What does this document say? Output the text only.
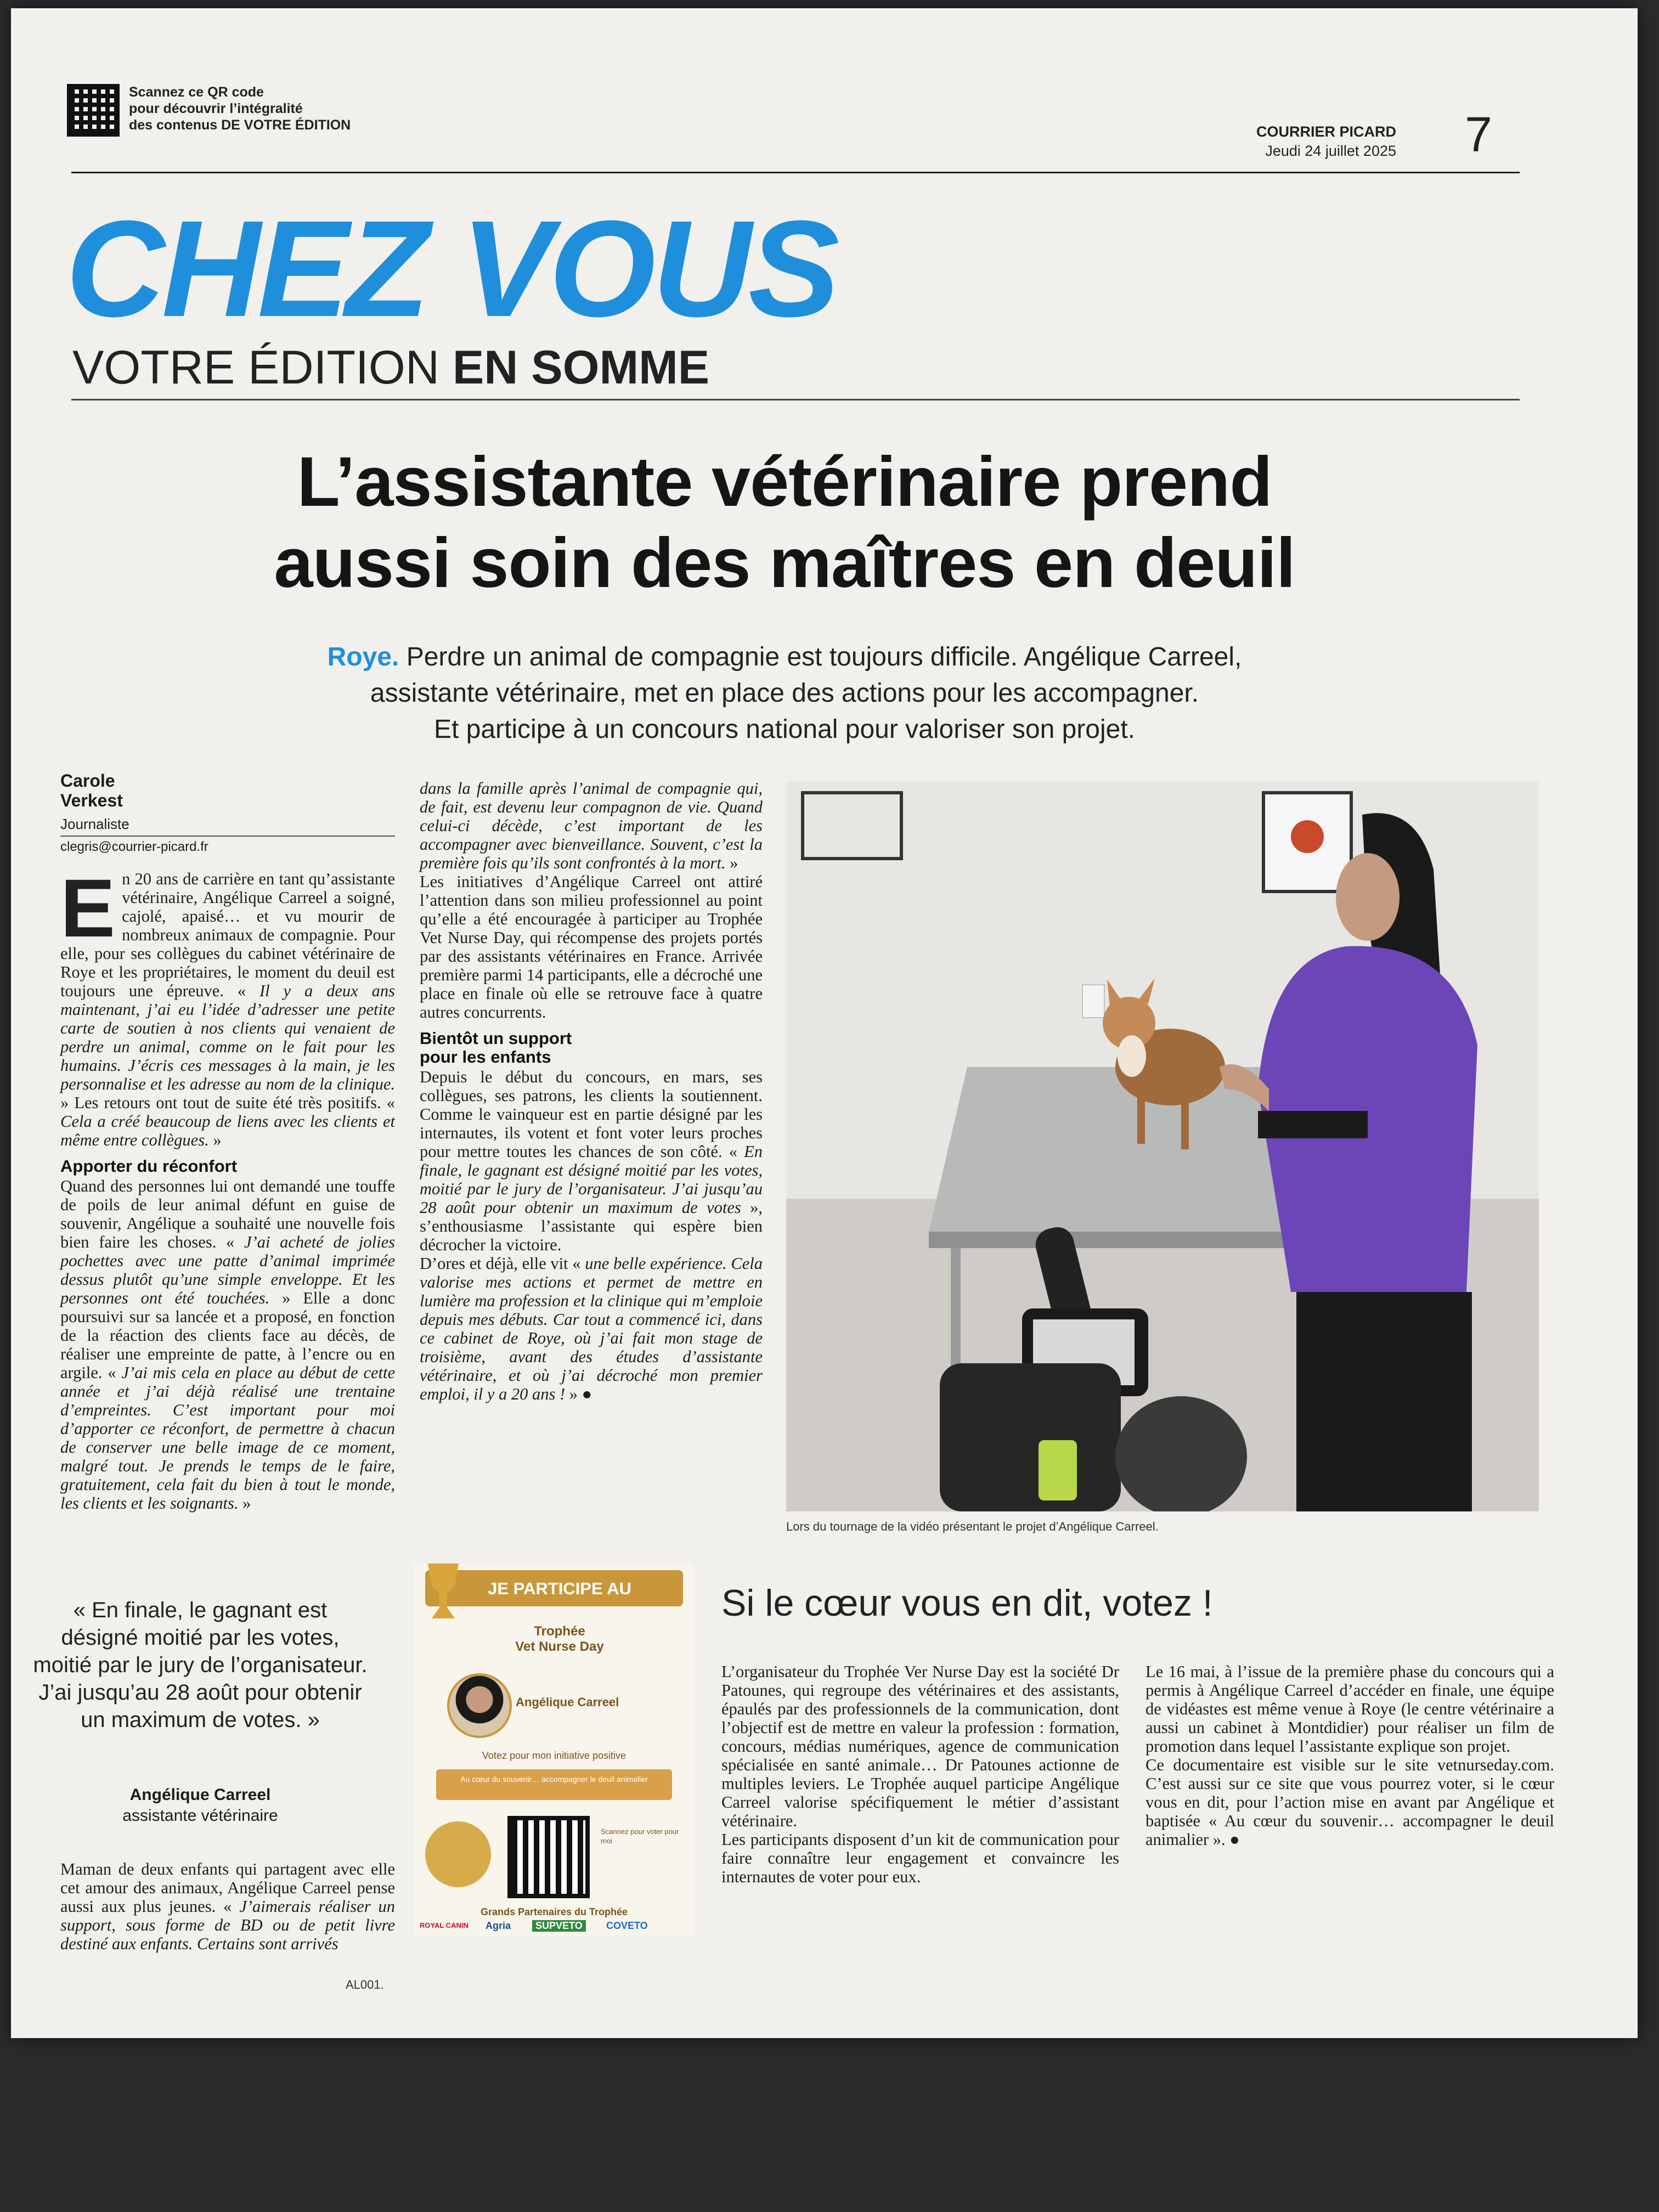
Scannez ce QR code
pour découvrir l’intégralité
des contenus DE VOTRE ÉDITION	COURRIER PICARD
Jeudi 24 juillet 2025 7
CHEZ VOUS
VOTRE ÉDITION EN SOMME
L’assistante vétérinaire prend
aussi soin des maîtres en deuil
Roye. Perdre un animal de compagnie est toujours difficile. Angélique Carreel,
assistante vétérinaire, met en place des actions pour les accompagner.
Et participe à un concours national pour valoriser son projet.
Carole
Verkest
Journaliste
clegris@courrier-picard.fr

En 20 ans de carrière en tant qu’assistante vétérinaire, Angélique Carreel a soigné, cajolé, apaisé… et vu mourir de nombreux animaux de compagnie. Pour elle, pour ses collègues du cabinet vétérinaire de Roye et les propriétaires, le moment du deuil est toujours une épreuve. « Il y a deux ans maintenant, j’ai eu l’idée d’adresser une petite carte de soutien à nos clients qui venaient de perdre un animal, comme on le fait pour les humains. J’écris ces messages à la main, je les personnalise et les adresse au nom de la clinique. » Les retours ont tout de suite été très positifs. « Cela a créé beaucoup de liens avec les clients et même entre collègues. »

Apporter du réconfort

Quand des personnes lui ont demandé une touffe de poils de leur animal défunt en guise de souvenir, Angélique a souhaité une nouvelle fois bien faire les choses. « J’ai acheté de jolies pochettes avec une patte d’animal imprimée dessus plutôt qu’une simple enveloppe. Et les personnes ont été touchées. » Elle a donc poursuivi sur sa lancée et a proposé, en fonction de la réaction des clients face au décès, de réaliser une empreinte de patte, à l’encre ou en argile. « J’ai mis cela en place au début de cette année et j’ai déjà réalisé une trentaine d’empreintes. C’est important pour moi d’apporter ce réconfort, de permettre à chacun de conserver une belle image de ce moment, malgré tout. Je prends le temps de le faire, gratuitement, cela fait du bien à tout le monde, les clients et les soignants. »

dans la famille après l’animal de compagnie qui, de fait, est devenu leur compagnon de vie. Quand celui-ci décède, c’est important de les accompagner avec bienveillance. Souvent, c’est la première fois qu’ils sont confrontés à la mort. »

Les initiatives d’Angélique Carreel ont attiré l’attention dans son milieu professionnel au point qu’elle a été encouragée à participer au Trophée Vet Nurse Day, qui récompense des projets portés par des assistants vétérinaires en France. Arrivée première parmi 14 participants, elle a décroché une place en finale où elle se retrouve face à quatre autres concurrents.

Bientôt un support
pour les enfants

Depuis le début du concours, en mars, ses collègues, ses patrons, les clients la soutiennent. Comme le vainqueur est en partie désigné par les internautes, ils votent et font voter leurs proches pour mettre toutes les chances de son côté. « En finale, le gagnant est désigné moitié par les votes, moitié par le jury de l’organisateur. J’ai jusqu’au 28 août pour obtenir un maximum de votes », s’enthousiasme l’assistante qui espère bien décrocher la victoire.

D’ores et déjà, elle vit « une belle expérience. Cela valorise mes actions et permet de mettre en lumière ma profession et la clinique qui m’emploie depuis mes débuts. Car tout a commencé ici, dans ce cabinet de Roye, où j’ai fait mon stage de troisième, avant des études d’assistante vétérinaire, et où j’ai décroché mon premier emploi, il y a 20 ans ! » ●

Lors du tournage de la vidéo présentant le projet d’Angélique Carreel.
« En finale, le gagnant est désigné moitié par les votes, moitié par le jury de l’organisateur. J’ai jusqu’au 28 août pour obtenir un maximum de votes. »
Angélique Carreel
assistante vétérinaire

Maman de deux enfants qui partagent avec elle cet amour des animaux, Angélique Carreel pense aussi aux plus jeunes. « J’aimerais réaliser un support, sous forme de BD ou de petit livre destiné aux enfants. Certains sont arrivés

JE PARTICIPE AU
Trophée
Vet Nurse Day
Angélique Carreel
Votez pour mon initiative positive
Au cœur du souvenir… accompagner le deuil animalier
Scannez pour voter pour moi
Grands Partenaires du Trophée
ROYAL CANIN Agria	SUPVETO	COVETO
Si le cœur vous en dit, votez !

L’organisateur du Trophée Ver Nurse Day est la société Dr Patounes, qui regroupe des vétérinaires et des assistants, épaulés par des professionnels de la communication, dont l’objectif est de mettre en valeur la profession : formation, concours, médias numériques, agence de communication spécialisée en santé animale… Dr Patounes actionne de multiples leviers. Le Trophée auquel participe Angélique Carreel valorise spécifiquement le métier d’assistant vétérinaire.

Les participants disposent d’un kit de communication pour faire connaître leur engagement et convaincre les internautes de voter pour eux.

Le 16 mai, à l’issue de la première phase du concours qui a permis à Angélique Carreel d’accéder en finale, une équipe de vidéastes est même venue à Roye (le centre vétérinaire a aussi un cabinet à Montdidier) pour réaliser un film de promotion dans lequel l’assistante explique son projet.

Ce documentaire est visible sur le site vetnurseday.com. C’est aussi sur ce site que vous pourrez voter, si le cœur vous en dit, pour l’action mise en avant par Angélique et baptisée « Au cœur du souvenir… accompagner le deuil animalier ». ●

AL001.
